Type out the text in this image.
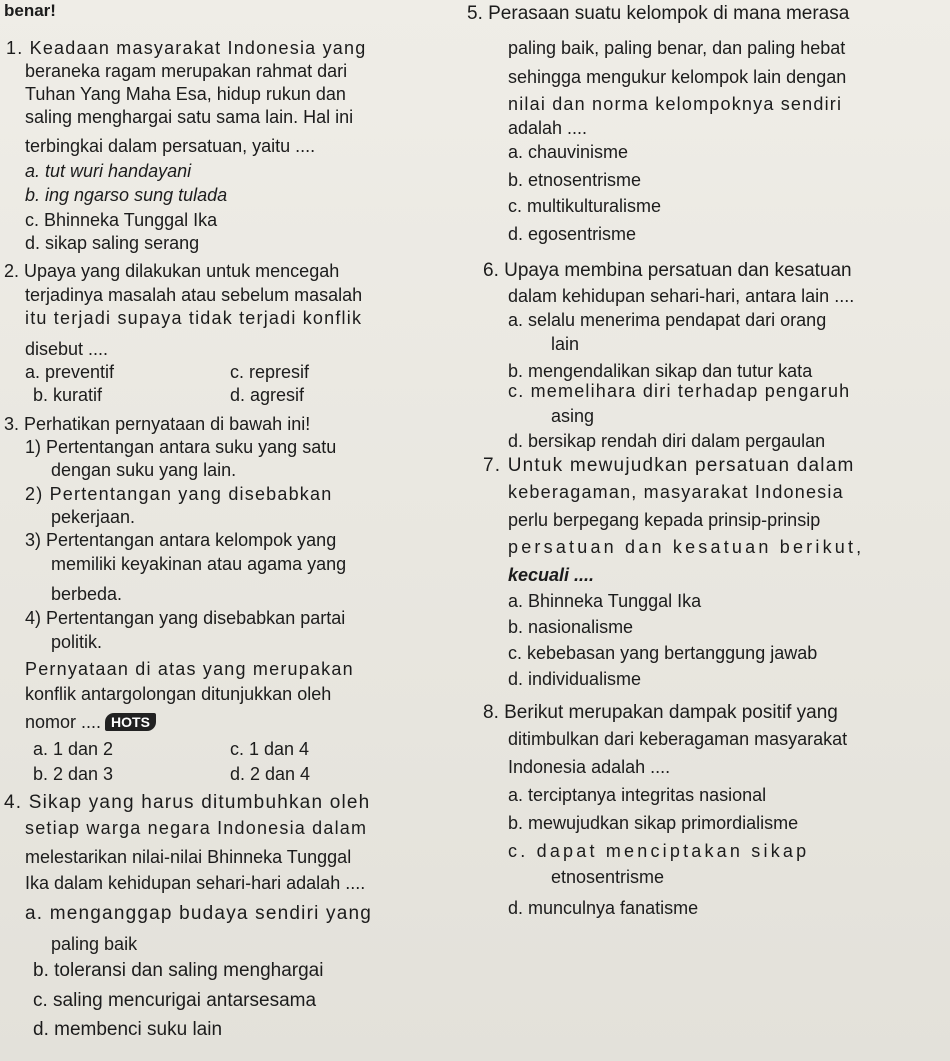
benar!
1. Keadaan masyarakat Indonesia yang
beraneka ragam merupakan rahmat dari
Tuhan Yang Maha Esa, hidup rukun dan
saling menghargai satu sama lain. Hal ini
terbingkai dalam persatuan, yaitu ....
a. tut wuri handayani
b. ing ngarso sung tulada
c. Bhinneka Tunggal Ika
d. sikap saling serang
2. Upaya yang dilakukan untuk mencegah
terjadinya masalah atau sebelum masalah
itu terjadi supaya tidak terjadi konflik
disebut ....
a. preventif	c. represif
b. kuratif	d. agresif
3. Perhatikan pernyataan di bawah ini!
1) Pertentangan antara suku yang satu
dengan suku yang lain.
2) Pertentangan yang disebabkan
pekerjaan.
3) Pertentangan antara kelompok yang
memiliki keyakinan atau agama yang
berbeda.
4) Pertentangan yang disebabkan partai
politik.
Pernyataan di atas yang merupakan
konflik antargolongan ditunjukkan oleh
nomor .... HOTS
a. 1 dan 2	c. 1 dan 4
b. 2 dan 3	d. 2 dan 4
4. Sikap yang harus ditumbuhkan oleh
setiap warga negara Indonesia dalam
melestarikan nilai-nilai Bhinneka Tunggal
Ika dalam kehidupan sehari-hari adalah ....
a. menganggap budaya sendiri yang
paling baik
b. toleransi dan saling menghargai
c. saling mencurigai antarsesama
d. membenci suku lain
5. Perasaan suatu kelompok di mana merasa
paling baik, paling benar, dan paling hebat
sehingga mengukur kelompok lain dengan
nilai dan norma kelompoknya sendiri
adalah ....
a. chauvinisme
b. etnosentrisme
c. multikulturalisme
d. egosentrisme
6. Upaya membina persatuan dan kesatuan
dalam kehidupan sehari-hari, antara lain ....
a. selalu menerima pendapat dari orang
lain
b. mengendalikan sikap dan tutur kata
c. memelihara diri terhadap pengaruh
asing
d. bersikap rendah diri dalam pergaulan
7. Untuk mewujudkan persatuan dalam
keberagaman, masyarakat Indonesia
perlu berpegang kepada prinsip-prinsip
persatuan dan kesatuan berikut,
kecuali ....
a. Bhinneka Tunggal Ika
b. nasionalisme
c. kebebasan yang bertanggung jawab
d. individualisme
8. Berikut merupakan dampak positif yang
ditimbulkan dari keberagaman masyarakat
Indonesia adalah ....
a. terciptanya integritas nasional
b. mewujudkan sikap primordialisme
c. dapat menciptakan sikap
etnosentrisme
d. munculnya fanatisme
